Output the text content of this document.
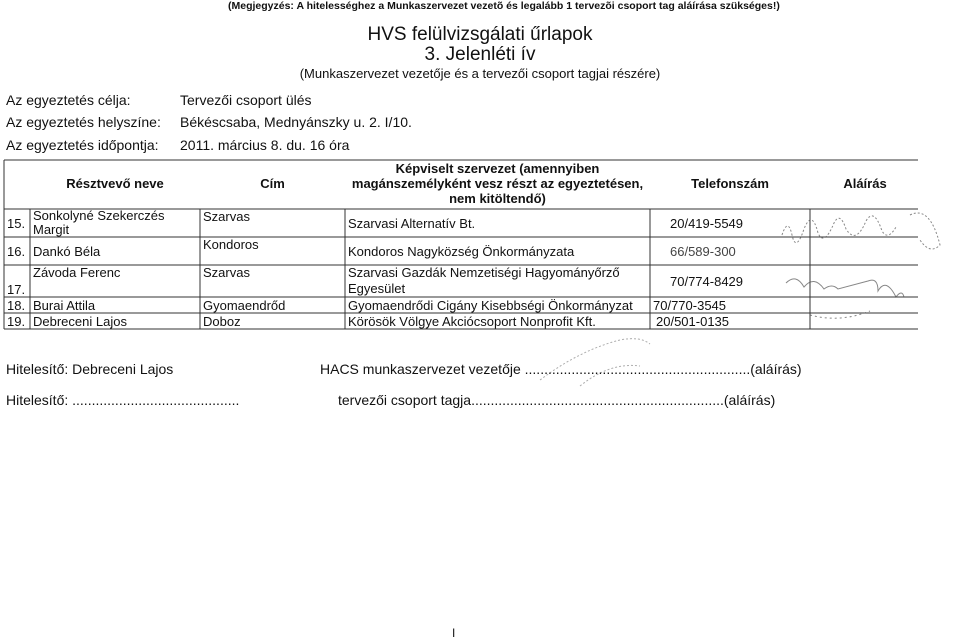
(Megjegyzés: A hitelességhez a Munkaszervezet vezetõ és legalább 1 tervezõi csoport tag aláírása szükséges!)
HVS felülvizsgálati űrlapok
3. Jelenléti ív
(Munkaszervezet vezetője és a tervezői csoport tagjai részére)
Az egyeztetés célja:	Tervezői csoport ülés
Az egyeztetés helyszíne: Békéscsaba, Mednyánszky u. 2. I/10.
Az egyeztetés időpontja: 2011. március 8. du. 16 óra
	Résztvevő neve	Cím	Képviselt szervezet (amennyiben magánszemélyként vesz részt az egyeztetésen, nem kitöltendő)	Telefonszám	Aláírás
15.	Sonkolyné Szekerczés Margit	Szarvas	Szarvasi Alternatív Bt.	20/419-5549	
16.	Dankó Béla	Kondoros	Kondoros Nagyközség Önkormányzata	66/589-300	
17.	Závoda Ferenc	Szarvas	Szarvasi Gazdák Nemzetiségi Hagyományőrző Egyesület	70/774-8429	
18.	Burai Attila	Gyomaendrőd	Gyomaendrődi Cigány Kisebbségi Önkormányzat	70/770-3545	
19.	Debreceni Lajos	Doboz	Körösök Völgye Akciócsoport Nonprofit Kft.	20/501-0135	
Hitelesítő: Debreceni Lajos	HACS munkaszervezet vezetője ..........................................................(aláírás)
Hitelesítő: ...........................................	tervezői csoport tagja.................................................................(aláírás)
I
